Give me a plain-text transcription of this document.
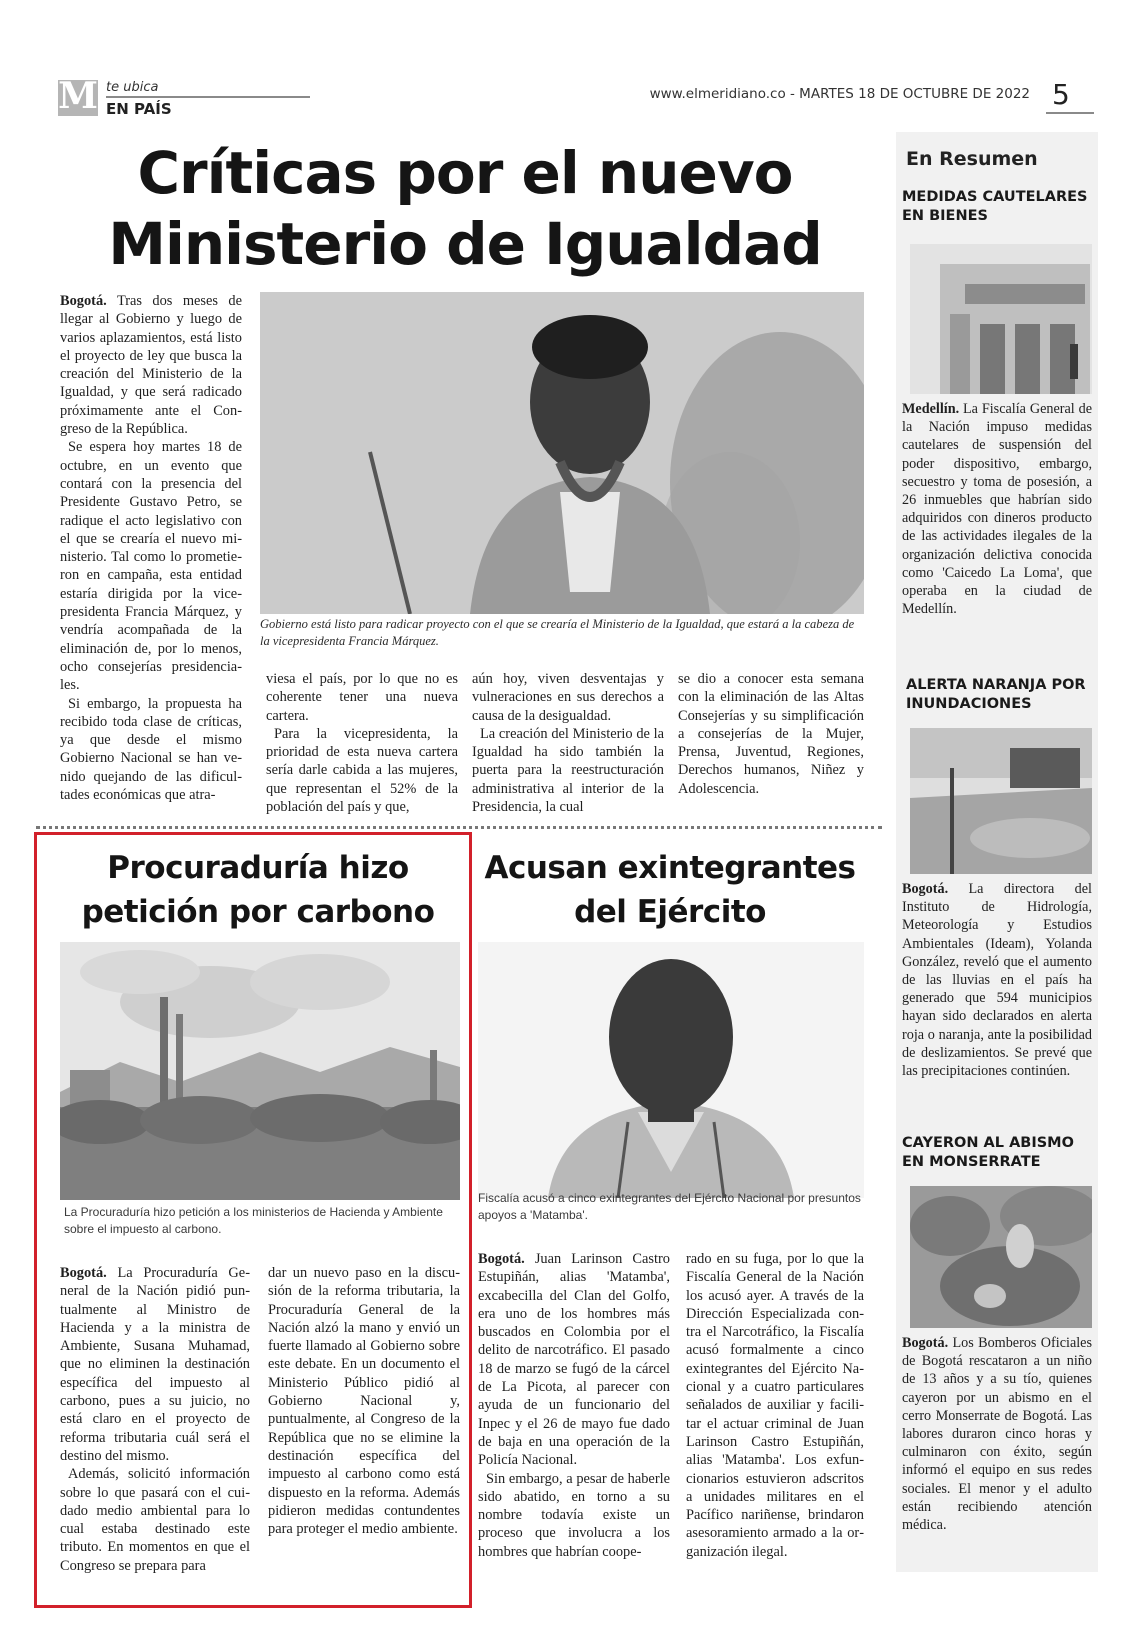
M te ubica
EN PAÍS
www.elmeridiano.co - MARTES 18 DE OCTUBRE DE 2022 5
Críticas por el nuevo Ministerio de Igualdad

Bogotá. Tras dos meses de llegar al Gobierno y luego de varios aplazamientos, está listo el proyecto de ley que busca la creación del Ministerio de la Igualdad, y que será radicado próximamente ante el Congreso de la República.

Se espera hoy martes 18 de octubre, en un evento que contará con la presencia del Presidente Gustavo Petro, se radique el acto legislativo con el que se crearía el nuevo ministerio. Tal como lo prometieron en campaña, esta entidad estaría dirigida por la vicepresidenta Francia Márquez, y vendría acompañada de la eliminación de, por lo menos, ocho consejerías presidenciales.

Si embargo, la propuesta ha recibido toda clase de críticas, ya que desde el mismo Gobierno Nacional se han venido quejando de las dificultades económicas que atra-

Gobierno está listo para radicar proyecto con el que se crearía el Ministerio de la Igualdad, que estará a la cabeza de la vicepresidenta Francia Márquez.

viesa el país, por lo que no es coherente tener una nueva cartera.

Para la vicepresidenta, la prioridad de esta nueva cartera sería darle cabida a las mujeres, que representan el 52% de la población del país y que,

aún hoy, viven desventajas y vulneraciones en sus derechos a causa de la desigualdad.

La creación del Ministerio de la Igualdad ha sido también la puerta para la reestructuración administrativa al interior de la Presidencia, la cual

se dio a conocer esta semana con la eliminación de las Altas Consejerías y su simplificación a consejerías de la Mujer, Prensa, Juventud, Regiones, Derechos humanos, Niñez y Adolescencia.

Procuraduría hizo petición por carbono
La Procuraduría hizo petición a los ministerios de Hacienda y Ambiente sobre el impuesto al carbono.

Bogotá. La Procuraduría General de la Nación pidió puntualmente al Ministro de Hacienda y a la ministra de Ambiente, Susana Muhamad, que no eliminen la destinación específica del impuesto al carbono, pues a su juicio, no está claro en el proyecto de reforma tributaria cuál será el destino del mismo.

Además, solicitó información sobre lo que pasará con el cuidado medio ambiental para lo cual estaba destinado este tributo. En momentos en que el Congreso se prepara para

dar un nuevo paso en la discusión de la reforma tributaria, la Procuraduría General de la Nación alzó la mano y envió un fuerte llamado al Gobierno sobre este debate. En un documento el Ministerio Público pidió al Gobierno Nacional y, puntualmente, al Congreso de la República que no se elimine la destinación específica del impuesto al carbono como está dispuesto en la reforma. Además pidieron medidas contundentes para proteger el medio ambiente.

Acusan exintegrantes del Ejército
Fiscalía acusó a cinco exintegrantes del Ejército Nacional por presuntos apoyos a 'Matamba'.

Bogotá. Juan Larinson Castro Estupiñán, alias 'Matamba', excabecilla del Clan del Golfo, era uno de los hombres más buscados en Colombia por el delito de narcotráfico. El pasado 18 de marzo se fugó de la cárcel de La Picota, al parecer con ayuda de un funcionario del Inpec y el 26 de mayo fue dado de baja en una operación de la Policía Nacional.

Sin embargo, a pesar de haberle sido abatido, en torno a su nombre todavía existe un proceso que involucra a los hombres que habrían coope-

rado en su fuga, por lo que la Fiscalía General de la Nación los acusó ayer. A través de la Dirección Especializada contra el Narcotráfico, la Fiscalía acusó formalmente a cinco exintegrantes del Ejército Nacional y a cuatro particulares señalados de auxiliar y facilitar el actuar criminal de Juan Larinson Castro Estupiñán, alias 'Matamba'. Los exfuncionarios estuvieron adscritos a unidades militares en el Pacífico nariñense, brindaron asesoramiento armado a la organización ilegal.

En Resumen
MEDIDAS CAUTELARES EN BIENES
Medellín. La Fiscalía General de la Nación impuso medidas cautelares de suspensión del poder dispositivo, embargo, secuestro y toma de posesión, a 26 inmuebles que habrían sido adquiridos con dineros producto de las actividades ilegales de la organización delictiva conocida como 'Caicedo La Loma', que operaba en la ciudad de Medellín.
ALERTA NARANJA POR INUNDACIONES
Bogotá. La directora del Instituto de Hidrología, Meteorología y Estudios Ambientales (Ideam), Yolanda González, reveló que el aumento de las lluvias en el país ha generado que 594 municipios hayan sido declarados en alerta roja o naranja, ante la posibilidad de deslizamientos. Se prevé que las precipitaciones continúen.
CAYERON AL ABISMO EN MONSERRATE
Bogotá. Los Bomberos Oficiales de Bogotá rescataron a un niño de 13 años y a su tío, quienes cayeron por un abismo en el cerro Monserrate de Bogotá. Las labores duraron cinco horas y culminaron con éxito, según informó el equipo en sus redes sociales. El menor y el adulto están recibiendo atención médica.
